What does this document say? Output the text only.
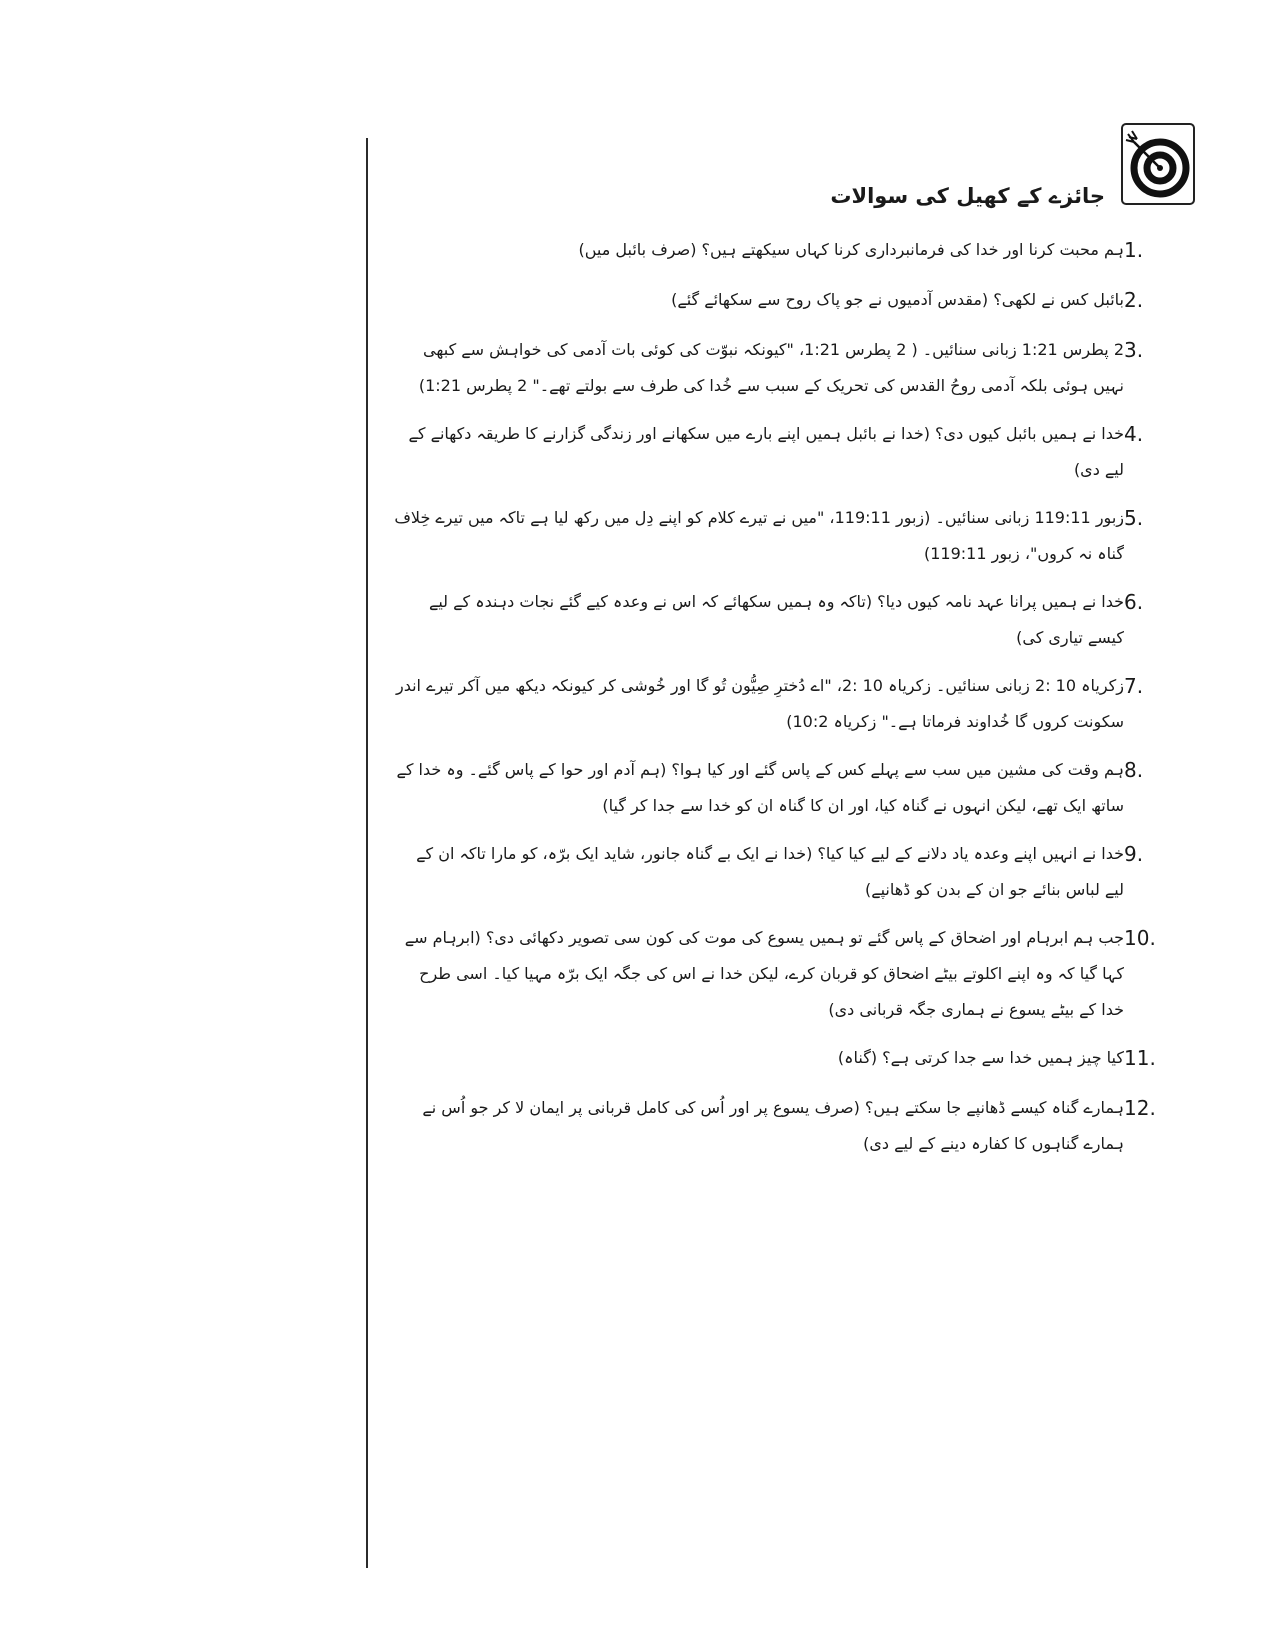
جائزے کے کھیل کی سوالات
1.
ہم محبت کرنا اور خدا کی فرمانبرداری کرنا کہاں سیکھتے ہیں؟ (صرف بائبل میں)
2.
بائبل کس نے لکھی؟ (مقدس آدمیوں نے جو پاک روح سے سکھائے گئے)
3.
2 پطرس 1:21 زبانی سنائیں۔ ( 2 پطرس 1:21، "کیونکہ نبوّت کی کوئی بات آدمی کی خواہش سے کبھی نہیں ہوئی بلکہ آدمی روحُ القدس کی تحریک کے سبب سے خُدا کی طرف سے بولتے تھے۔" 2 پطرس 1:21)
4.
خدا نے ہمیں بائبل کیوں دی؟ (خدا نے بائبل ہمیں اپنے بارے میں سکھانے اور زندگی گزارنے کا طریقہ دکھانے کے لیے دی)
5.
زبور 119:11 زبانی سنائیں۔ (زبور 119:11، "میں نے تیرے کلام کو اپنے دِل میں رکھ لیا ہے تاکہ میں تیرے خِلاف گناہ نہ کروں"، زبور 119:11)
6.
خدا نے ہمیں پرانا عہد نامہ کیوں دیا؟ (تاکہ وہ ہمیں سکھائے کہ اس نے وعدہ کیے گئے نجات دہندہ کے لیے کیسے تیاری کی)
7.
زکریاہ 10 :2 زبانی سنائیں۔ زکریاہ 10 :2، "اے دُخترِ صِیُّون تُو گا اور خُوشی کر کیونکہ دیکھ میں آکر تیرے اندر سکونت کروں گا خُداوند فرماتا ہے۔" زکریاہ 10:2)
8.
ہم وقت کی مشین میں سب سے پہلے کس کے پاس گئے اور کیا ہوا؟ (ہم آدم اور حوا کے پاس گئے۔ وہ خدا کے ساتھ ایک تھے، لیکن انہوں نے گناہ کیا، اور ان کا گناہ ان کو خدا سے جدا کر گیا)
9.
خدا نے انہیں اپنے وعدہ یاد دلانے کے لیے کیا کیا؟ (خدا نے ایک بے گناہ جانور، شاید ایک برّہ، کو مارا تاکہ ان کے لیے لباس بنائے جو ان کے بدن کو ڈھانپے)
10.
جب ہم ابرہام اور اضحاق کے پاس گئے تو ہمیں یسوع کی موت کی کون سی تصویر دکھائی دی؟ (ابرہام سے کہا گیا کہ وہ اپنے اکلوتے بیٹے اضحاق کو قربان کرے، لیکن خدا نے اس کی جگہ ایک برّہ مہیا کیا۔ اسی طرح خدا کے بیٹے یسوع نے ہماری جگہ قربانی دی)
11.
کیا چیز ہمیں خدا سے جدا کرتی ہے؟ (گناہ)
12.
ہمارے گناہ کیسے ڈھانپے جا سکتے ہیں؟ (صرف یسوع پر اور اُس کی کامل قربانی پر ایمان لا کر جو اُس نے ہمارے گناہوں کا کفارہ دینے کے لیے دی)
